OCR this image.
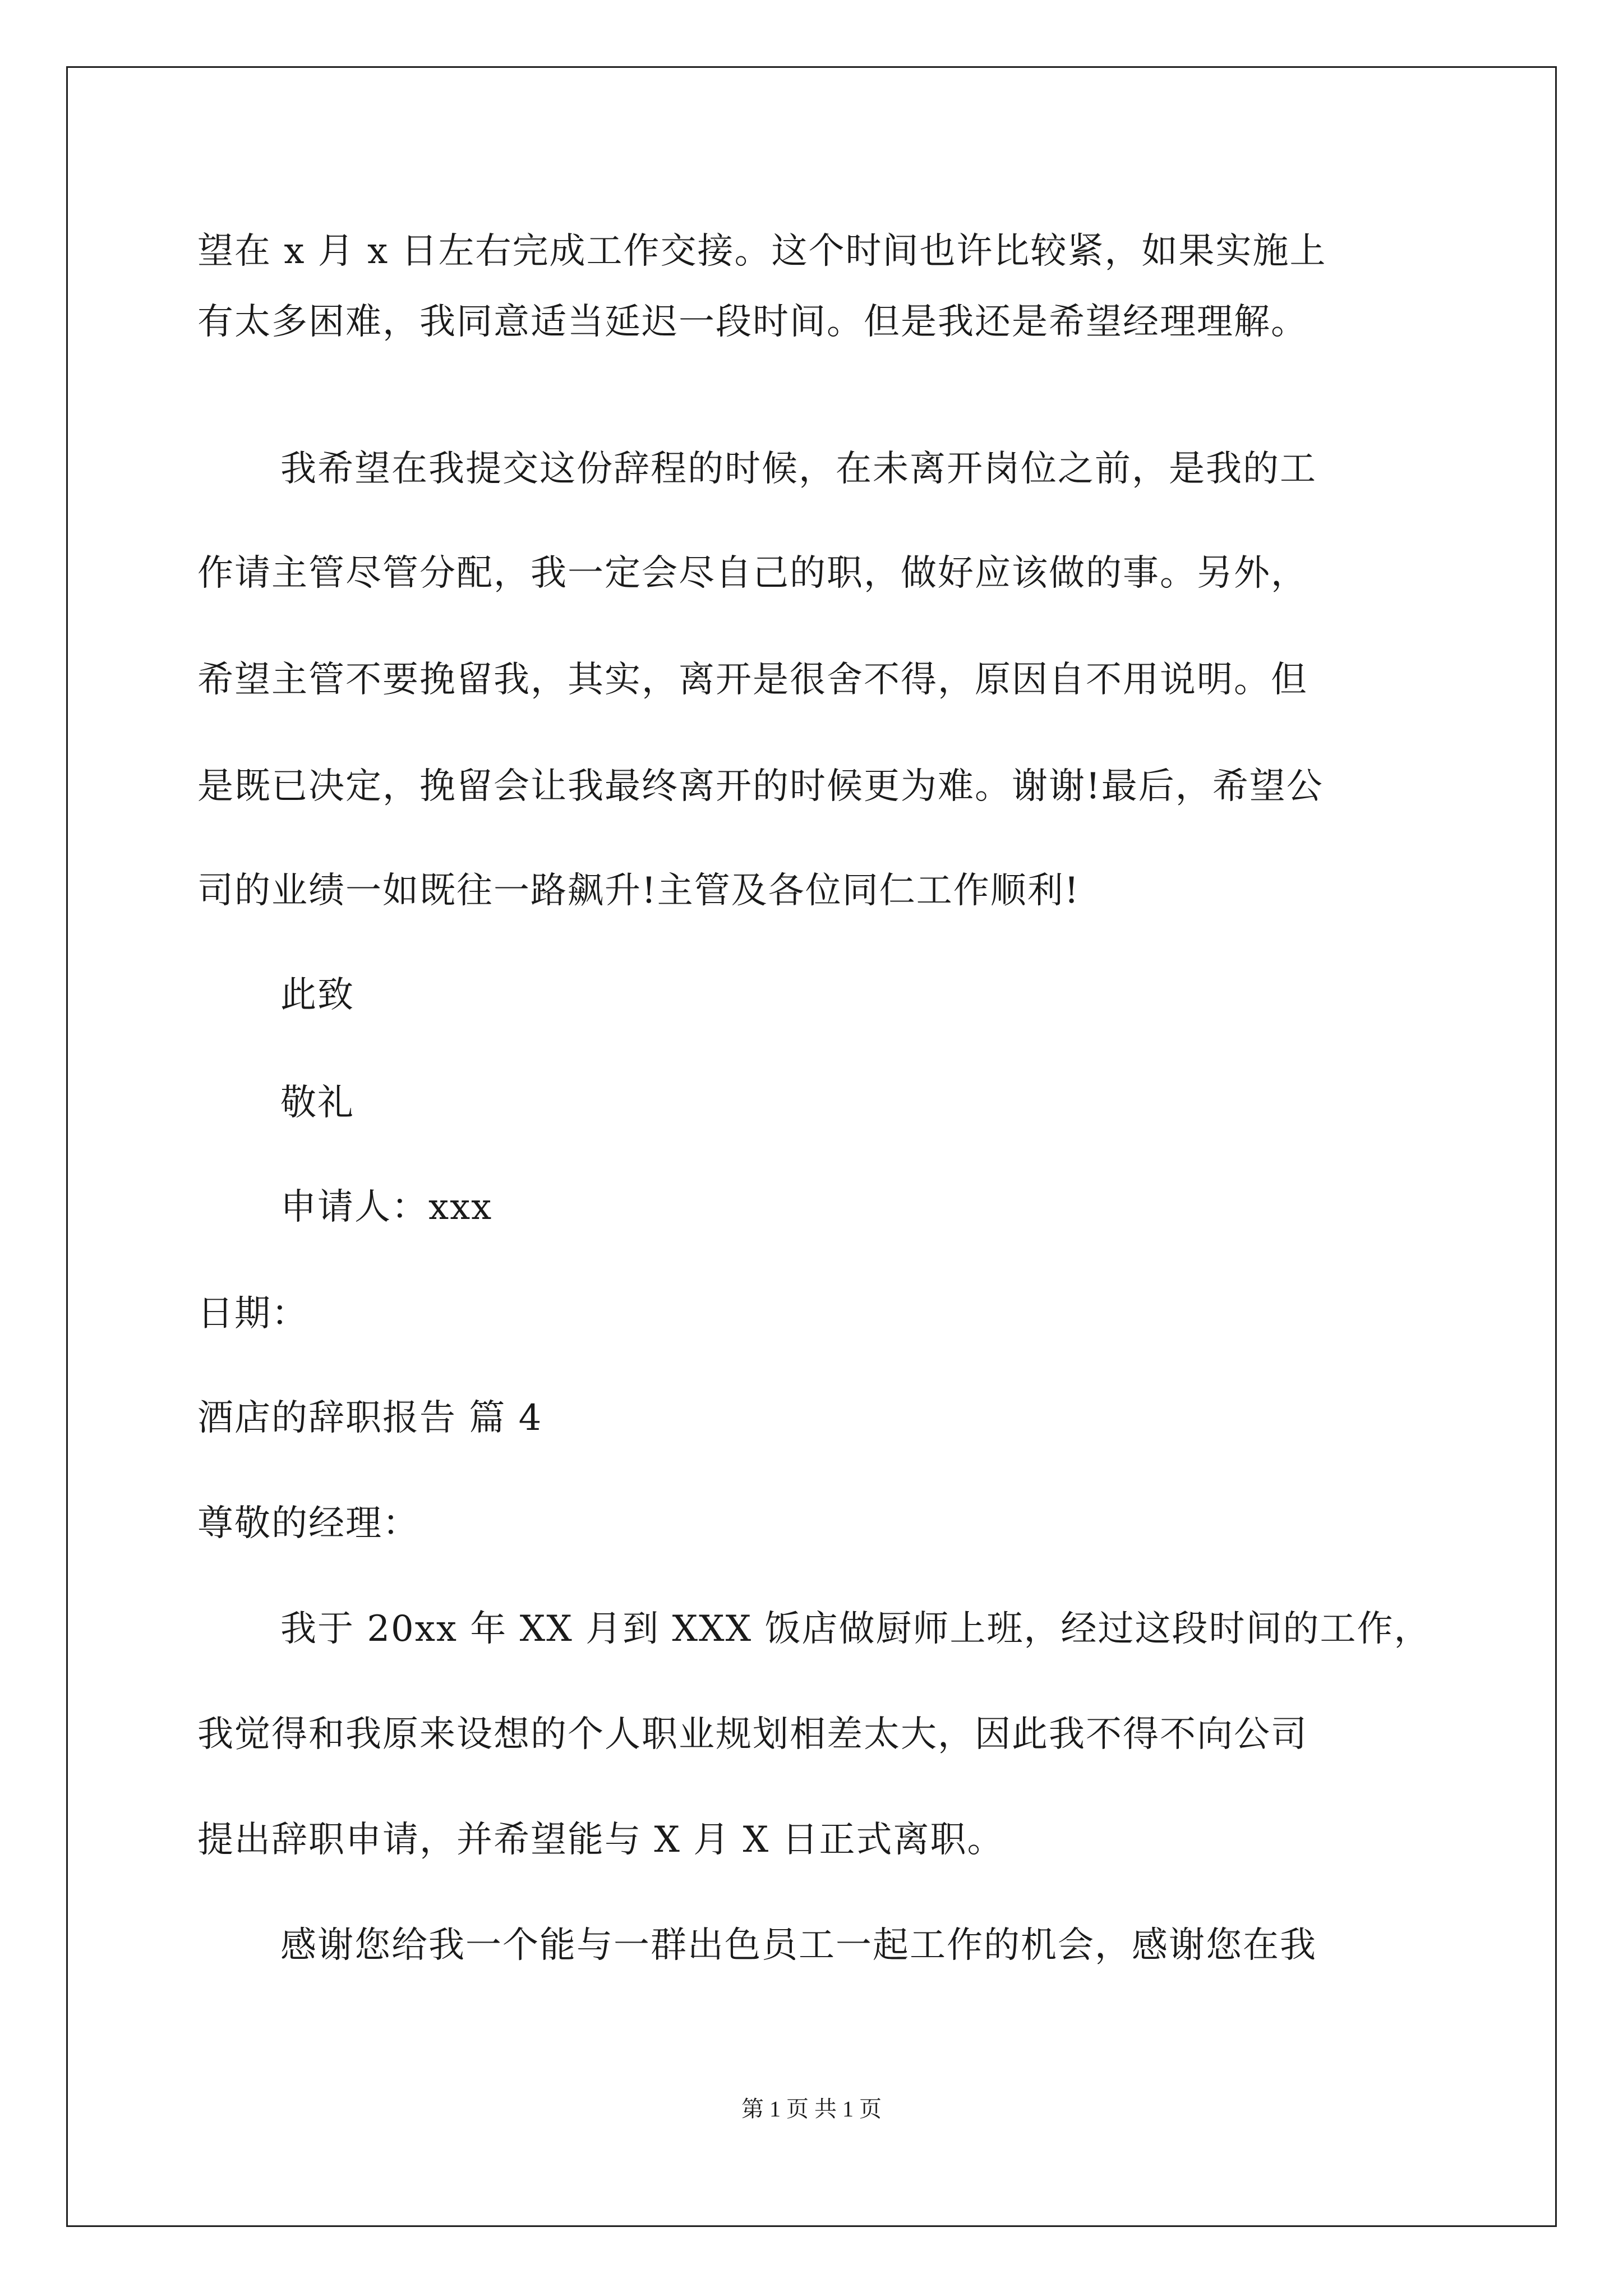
望在 x 月 x 日左右完成工作交接。这个时间也许比较紧，如果实施上
有太多困难，我同意适当延迟一段时间。但是我还是希望经理理解。
我希望在我提交这份辞程的时候，在未离开岗位之前，是我的工
作请主管尽管分配，我一定会尽自己的职，做好应该做的事。另外，
希望主管不要挽留我，其实，离开是很舍不得，原因自不用说明。但
是既已决定，挽留会让我最终离开的时候更为难。谢谢!最后，希望公
司的业绩一如既往一路飙升!主管及各位同仁工作顺利!
此致
敬礼
申请人：xxx
日期：
酒店的辞职报告 篇 4
尊敬的经理：
我于 20xx 年 XX 月到 XXX 饭店做厨师上班，经过这段时间的工作，
我觉得和我原来设想的个人职业规划相差太大，因此我不得不向公司
提出辞职申请，并希望能与 X 月 X 日正式离职。
感谢您给我一个能与一群出色员工一起工作的机会，感谢您在我
第 1 页 共 1 页
